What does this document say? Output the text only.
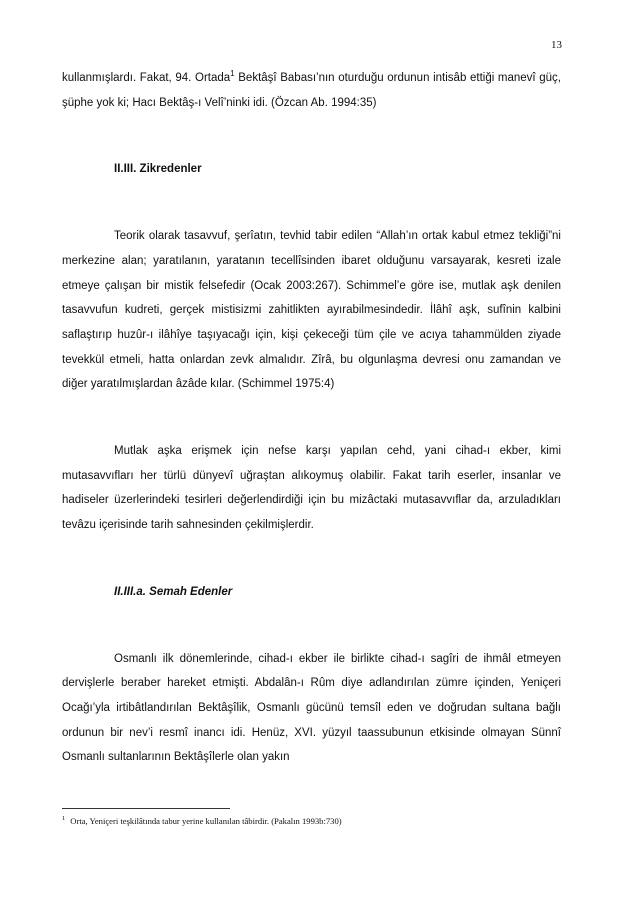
13

kullanmışlardı. Fakat, 94. Ortada$^1$ Bektâşî Babası’nın oturduğu ordunun intisâb ettiği manevî güç, şüphe yok ki; Hacı Bektâş-ı Velî’ninki idi. (Özcan Ab. 1994:35)

II.III. Zikredenler

Teorik olarak tasavvuf, şerîatın, tevhid tabir edilen “Allah’ın ortak kabul etmez tekliği”ni merkezine alan; yaratılanın, yaratanın tecellîsinden ibaret olduğunu varsayarak, kesreti izale etmeye çalışan bir mistik felsefedir (Ocak 2003:267). Schimmel’e göre ise, mutlak aşk denilen tasavvufun kudreti, gerçek mistisizmi zahitlikten ayırabilmesindedir. İlâhî aşk, sufînin kalbini saflaştırıp huzûr-ı ilâhîye taşıyacağı için, kişi çekeceği tüm çile ve acıya tahammülden ziyade tevekkül etmeli, hatta onlardan zevk almalıdır. Zîrâ, bu olgunlaşma devresi onu zamandan ve diğer yaratılmışlardan âzâde kılar. (Schimmel 1975:4)

Mutlak aşka erişmek için nefse karşı yapılan cehd, yani cihad-ı ekber, kimi mutasavvıfları her türlü dünyevî uğraştan alıkoymuş olabilir. Fakat tarih eserler, insanlar ve hadiseler üzerlerindeki tesirleri değerlendirdiği için bu mizâctaki mutasavvıflar da, arzuladıkları tevâzu içerisinde tarih sahnesinden çekilmişlerdir.

II.III.a. Semah Edenler

Osmanlı ilk dönemlerinde, cihad-ı ekber ile birlikte cihad-ı sagîri de ihmâl etmeyen dervişlerle beraber hareket etmişti. Abdalân-ı Rûm diye adlandırılan zümre içinden, Yeniçeri Ocağı’yla irtibâtlandırılan Bektâşîlik, Osmanlı gücünü temsîl eden ve doğrudan sultana bağlı ordunun bir nev’i resmî inancı idi. Henüz, XVI. yüzyıl taassubunun etkisinde olmayan Sünnî Osmanlı sultanlarının Bektâşîlerle olan yakın

$^1$ Orta, Yeniçeri teşkilâtında tabur yerine kullanılan tâbirdir. (Pakalın 1993b:730)
